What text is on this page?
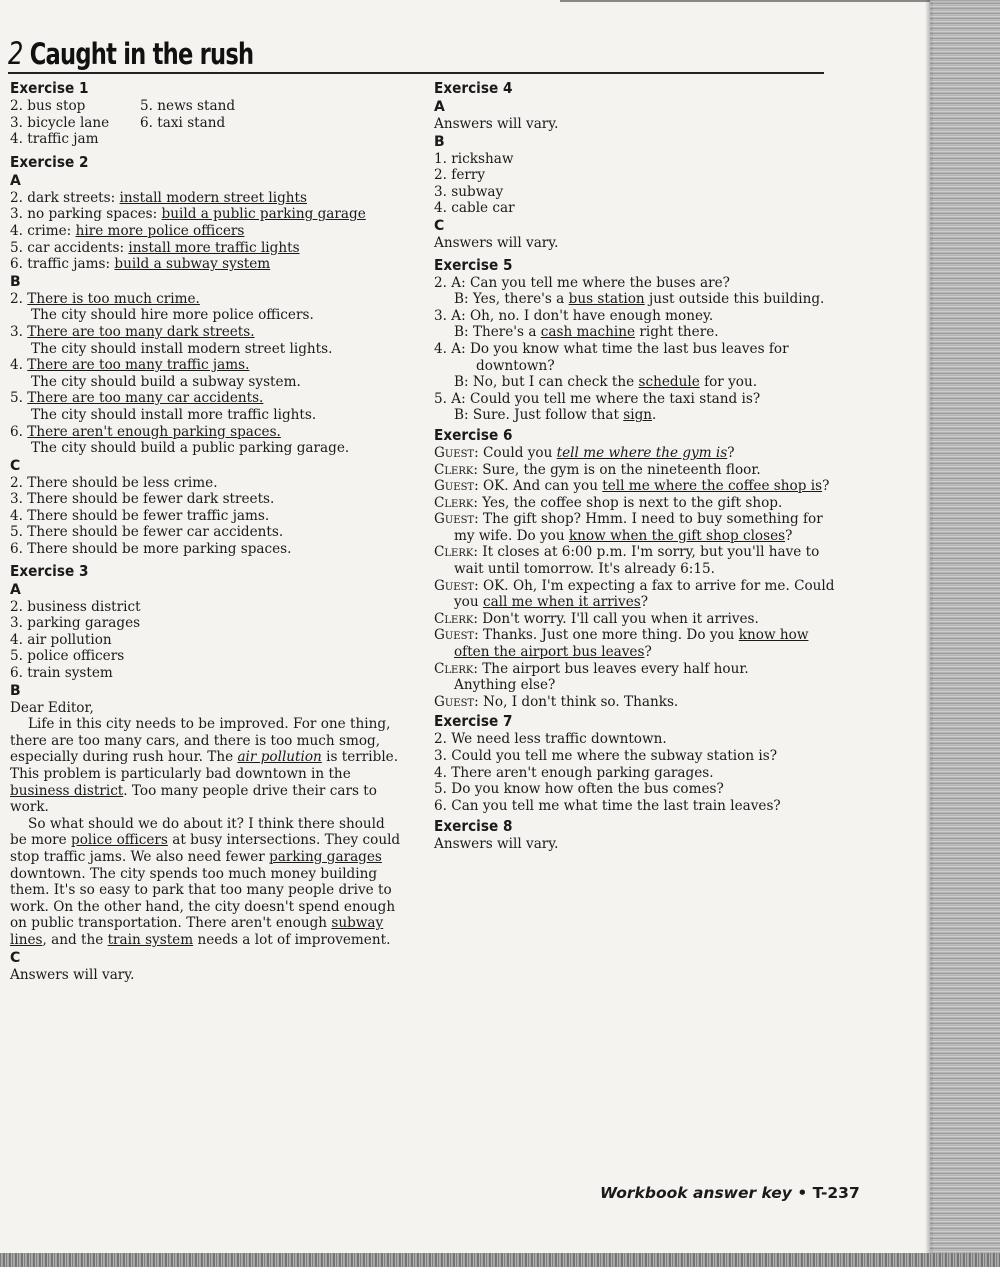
2 Caught in the rush
Exercise 1
2. bus stop
3. bicycle lane
4. traffic jam
5. news stand
6. taxi stand
Exercise 2
A
2. dark streets: install modern street lights
3. no parking spaces: build a public parking garage
4. crime: hire more police officers
5. car accidents: install more traffic lights
6. traffic jams: build a subway system
B
2. There is too much crime.
The city should hire more police officers.
3. There are too many dark streets.
The city should install modern street lights.
4. There are too many traffic jams.
The city should build a subway system.
5. There are too many car accidents.
The city should install more traffic lights.
6. There aren't enough parking spaces.
The city should build a public parking garage.
C
2. There should be less crime.
3. There should be fewer dark streets.
4. There should be fewer traffic jams.
5. There should be fewer car accidents.
6. There should be more parking spaces.
Exercise 3
A
2. business district
3. parking garages
4. air pollution
5. police officers
6. train system
B
Dear Editor,
Life in this city needs to be improved. For one thing, there are too many cars, and there is too much smog, especially during rush hour. The air pollution is terrible. This problem is particularly bad downtown in the business district. Too many people drive their cars to work.
So what should we do about it? I think there should be more police officers at busy intersections. They could stop traffic jams. We also need fewer parking garages downtown. The city spends too much money building them. It's so easy to park that too many people drive to work. On the other hand, the city doesn't spend enough on public transportation. There aren't enough subway lines, and the train system needs a lot of improvement.
C
Answers will vary.
Exercise 4
A
Answers will vary.
B
1. rickshaw
2. ferry
3. subway
4. cable car
C
Answers will vary.
Exercise 5
2. A: Can you tell me where the buses are?
B: Yes, there's a bus station just outside this building.
3. A: Oh, no. I don't have enough money.
B: There's a cash machine right there.
4. A: Do you know what time the last bus leaves for
downtown?
B: No, but I can check the schedule for you.
5. A: Could you tell me where the taxi stand is?
B: Sure. Just follow that sign.
Exercise 6
Guest: Could you tell me where the gym is?
Clerk: Sure, the gym is on the nineteenth floor.
Guest: OK. And can you tell me where the coffee shop is?
Clerk: Yes, the coffee shop is next to the gift shop.
Guest: The gift shop? Hmm. I need to buy something for
my wife. Do you know when the gift shop closes?
Clerk: It closes at 6:00 p.m. I'm sorry, but you'll have to
wait until tomorrow. It's already 6:15.
Guest: OK. Oh, I'm expecting a fax to arrive for me. Could
you call me when it arrives?
Clerk: Don't worry. I'll call you when it arrives.
Guest: Thanks. Just one more thing. Do you know how
often the airport bus leaves?
Clerk: The airport bus leaves every half hour.
Anything else?
Guest: No, I don't think so. Thanks.
Exercise 7
2. We need less traffic downtown.
3. Could you tell me where the subway station is?
4. There aren't enough parking garages.
5. Do you know how often the bus comes?
6. Can you tell me what time the last train leaves?
Exercise 8
Answers will vary.
Workbook answer key • T-237
